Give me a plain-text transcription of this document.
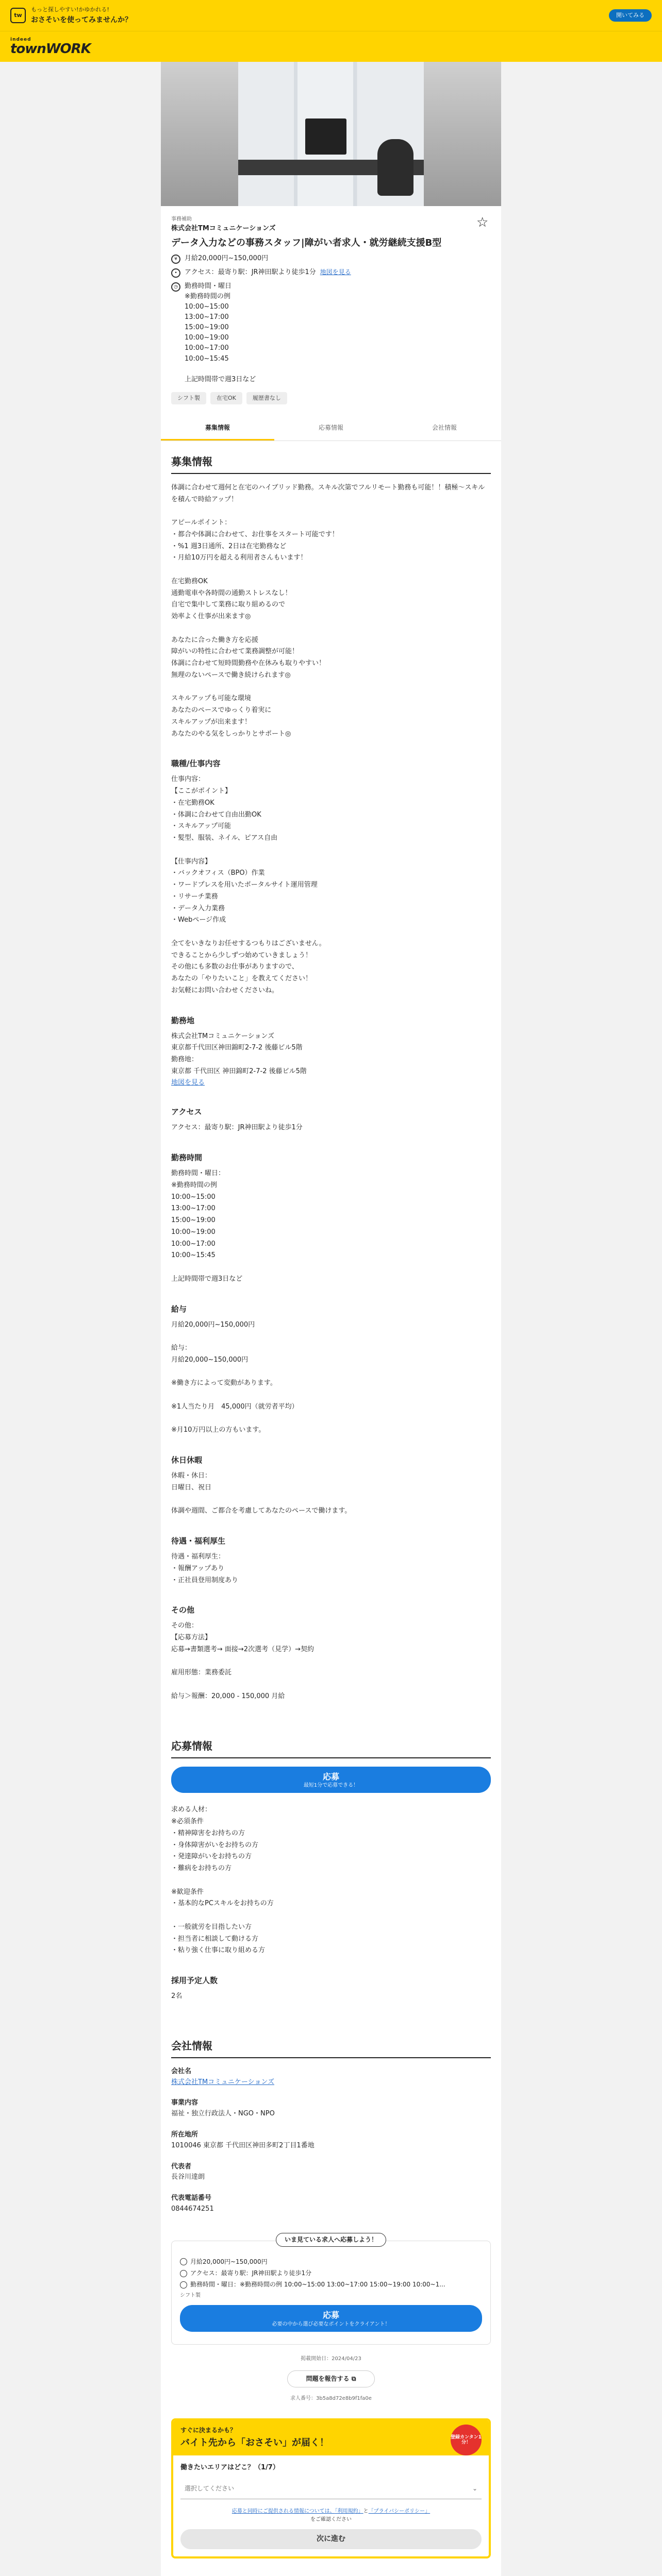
tw
もっと探しやすい!かゆかれる!
おさそいを使ってみませんか？
開いてみる
indeed
townWORK
事務補助
株式会社TMコミュニケーションズ
データ入力などの事務スタッフ|障がい者求人・就労継続支援B型
☆
¥	月給20,000円~150,000円
•	アクセス：最寄り駅：JR神田駅より徒歩1分 地図を見る
◷	勤務時間・曜日
※勤務時間の例
10:00~15:00
13:00~17:00
15:00~19:00
10:00~19:00
10:00~17:00
10:00~15:45

上記時間帯で週3日など
シフト製	在宅OK	履歴書なし
募集情報	応募情報	会社情報
募集情報
体調に合わせて週何と在宅のハイブリッド勤務。スキル次第でフルリモート勤務も可能！！積極〜スキルを積んで時給アップ！

アピールポイント：
・都合や体調に合わせて、お仕事をスタート可能です！
・%1 週3日通所、2日は在宅勤務など
・月給10万円を超える利用者さんもいます！

在宅勤務OK
通勤電車や各時間の通勤ストレスなし！
自宅で集中して業務に取り組めるので
効率よく仕事が出来ます◎

あなたに合った働き方を応援
障がいの特性に合わせて業務調整が可能！
体調に合わせて短時間勤務や在休みも取りやすい！
無理のないペースで働き続けられます◎

スキルアップも可能な環境
あなたのペースでゆっくり着実に
スキルアップが出来ます！
あなたのやる気をしっかりとサポート◎
職種/仕事内容
仕事内容：
【ここがポイント】
・在宅勤務OK
・体調に合わせて自由出勤OK
・スキルアップ可能
・髪型、服装、ネイル、ピアス自由

【仕事内容】
・バックオフィス（BPO）作業
・ワードプレスを用いたポータルサイト運用管理
・リサーチ業務
・データ入力業務
・Webページ作成

全てをいきなりお任せするつもりはございません。
できることから少しずつ始めていきましょう！
その他にも多数のお仕事がありますので、
あなたの「やりたいこと」を教えてください！
お気軽にお問い合わせくださいね。
勤務地
株式会社TMコミュニケーションズ
東京都千代田区神田錦町2-7-2 後藤ビル5階
勤務地：
東京都 千代田区 神田錦町2-7-2 後藤ビル5階
地図を見る
アクセス
アクセス：最寄り駅：JR神田駅より徒歩1分
勤務時間
勤務時間・曜日：
※勤務時間の例
10:00~15:00
13:00~17:00
15:00~19:00
10:00~19:00
10:00~17:00
10:00~15:45

上記時間帯で週3日など
給与
月給20,000円~150,000円

給与：
月給20,000~150,000円

※働き方によって変動があります。

※1人当たり月　45,000円（就労者平均）

※月10万円以上の方もいます。
休日休暇
休暇・休日：
日曜日、祝日

体調や週間、ご都合を考慮してあなたのペースで働けます。
待遇・福利厚生
待遇・福利厚生：
・報酬アップあり
・正社員登用制度あり
その他
その他：
【応募方法】
応募→書類選考→ 面接→2次選考（見学）→契約

雇用形態：業務委託

給与＞報酬：20,000 - 150,000 月給
応募情報
応募
最短1分で応募できる！
求める人材：
※必須条件
・精神障害をお持ちの方
・身体障害がいをお持ちの方
・発達障がいをお持ちの方
・難病をお持ちの方

※歓迎条件
・基本的なPCスキルをお持ちの方

・一般就労を目指したい方
・担当者に相談して動ける方
・粘り強く仕事に取り組める方
採用予定人数
2名
会社情報
会社名
株式会社TMコミュニケーションズ
事業内容
福祉・独立行政法人・NGO・NPO
所在地所
1010046 東京都 千代田区神田多町2丁目1番地
代表者
長谷川達朗
代表電話番号
0844674251
いま見ている求人へ応募しよう！
月給20,000円~150,000円
アクセス：最寄り駅：JR神田駅より徒歩1分
勤務時間・曜日：※勤務時間の例 10:00~15:00 13:00~17:00 15:00~19:00 10:00~1...
シフト製
応募
必要の中から選び必要なポイントをクライアント！
掲載開始日：2024/04/23
問題を報告する ⧉
求人番号：3b5a8d72e8b9f1fa0e
すぐに決まるかも？
バイト先から「おさそい」が届く！	登録カンタン1分！
働きたいエリアはどこ？（1/7）
選択してください	⌄
応募と同時にご提供される情報については、「利用規約」と「プライバシーポリシー」
をご確認ください
次に進む
